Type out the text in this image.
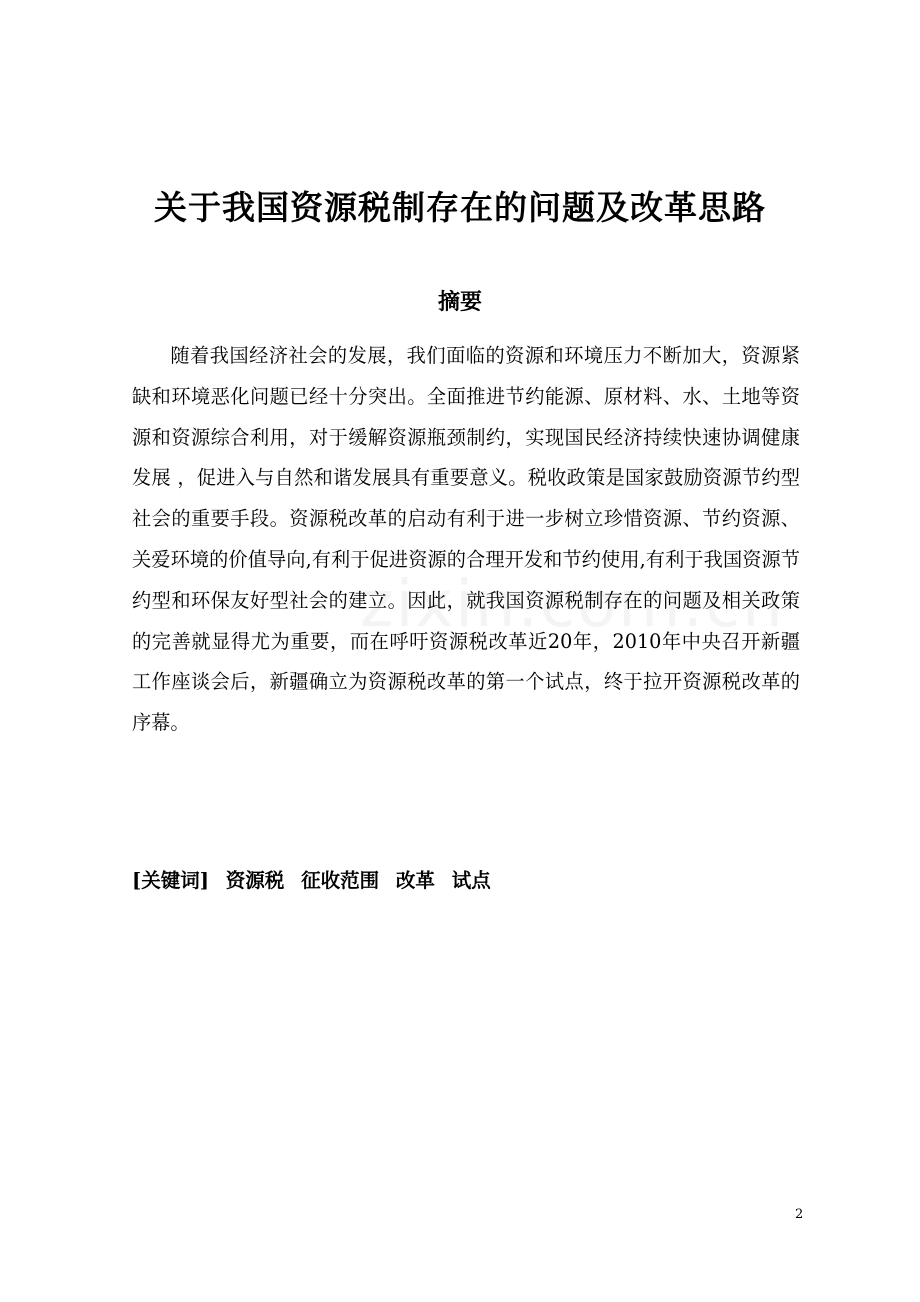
关于我国资源税制存在的问题及改革思路
摘要

随着我国经济社会的发展，我们面临的资源和环境压力不断加大，资源紧缺和环境恶化问题已经十分突出。全面推进节约能源、原材料、水、土地等资源和资源综合利用，对于缓解资源瓶颈制约，实现国民经济持续快速协调健康发展 ，促进入与自然和谐发展具有重要意义。税收政策是国家鼓励资源节约型社会的重要手段。资源税改革的启动有利于进一步树立珍惜资源、节约资源、关爱环境的价值导向,有利于促进资源的合理开发和节约使用,有利于我国资源节约型和环保友好型社会的建立。因此，就我国资源税制存在的问题及相关政策的完善就显得尤为重要，而在呼吁资源税改革近20年，2010年中央召开新疆工作座谈会后，新疆确立为资源税改革的第一个试点，终于拉开资源税改革的序幕。

[关键词] 资源税 征收范围 改革 试点

2
